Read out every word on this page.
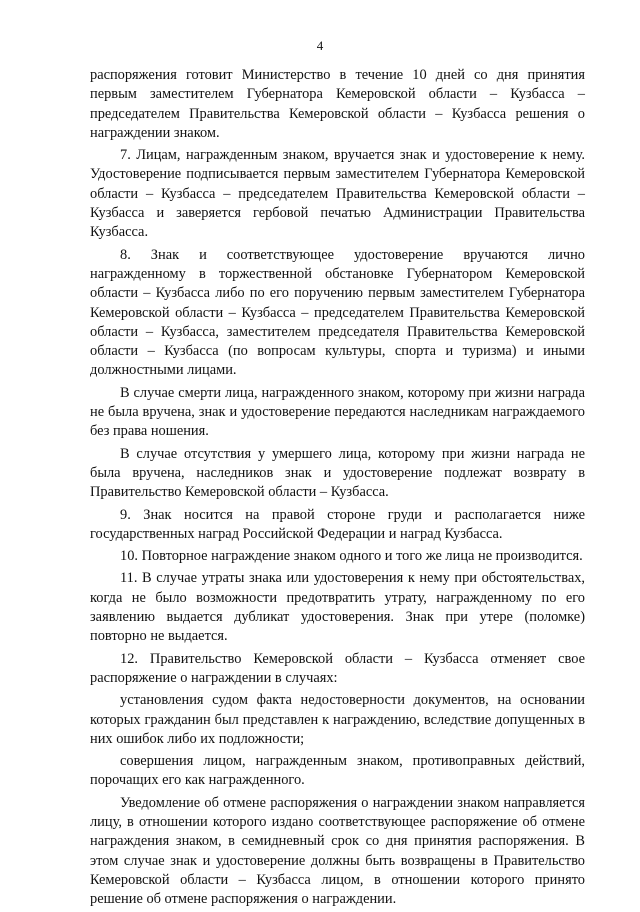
4

распоряжения готовит Министерство в течение 10 дней со дня принятия первым заместителем Губернатора Кемеровской области – Кузбасса – председателем Правительства Кемеровской области – Кузбасса решения о награждении знаком.

7. Лицам, награжденным знаком, вручается знак и удостоверение к нему. Удостоверение подписывается первым заместителем Губернатора Кемеровской области – Кузбасса – председателем Правительства Кемеровской области – Кузбасса и заверяется гербовой печатью Администрации Правительства Кузбасса.

8. Знак и соответствующее удостоверение вручаются лично награжденному в торжественной обстановке Губернатором Кемеровской области – Кузбасса либо по его поручению первым заместителем Губернатора Кемеровской области – Кузбасса – председателем Правительства Кемеровской области – Кузбасса, заместителем председателя Правительства Кемеровской области – Кузбасса (по вопросам культуры, спорта и туризма) и иными должностными лицами.

В случае смерти лица, награжденного знаком, которому при жизни награда не была вручена, знак и удостоверение передаются наследникам награждаемого без права ношения.

В случае отсутствия у умершего лица, которому при жизни награда не была вручена, наследников знак и удостоверение подлежат возврату в Правительство Кемеровской области – Кузбасса.

9. Знак носится на правой стороне груди и располагается ниже государственных наград Российской Федерации и наград Кузбасса.

10. Повторное награждение знаком одного и того же лица не производится.

11. В случае утраты знака или удостоверения к нему при обстоятельствах, когда не было возможности предотвратить утрату, награжденному по его заявлению выдается дубликат удостоверения. Знак при утере (поломке) повторно не выдается.

12. Правительство Кемеровской области – Кузбасса отменяет свое распоряжение о награждении в случаях:

установления судом факта недостоверности документов, на основании которых гражданин был представлен к награждению, вследствие допущенных в них ошибок либо их подложности;

совершения лицом, награжденным знаком, противоправных действий, порочащих его как награжденного.

Уведомление об отмене распоряжения о награждении знаком направляется лицу, в отношении которого издано соответствующее распоряжение об отмене награждения знаком, в семидневный срок со дня принятия распоряжения. В этом случае знак и удостоверение должны быть возвращены в Правительство Кемеровской области – Кузбасса лицом, в отношении которого принято решение об отмене распоряжения о награждении.
